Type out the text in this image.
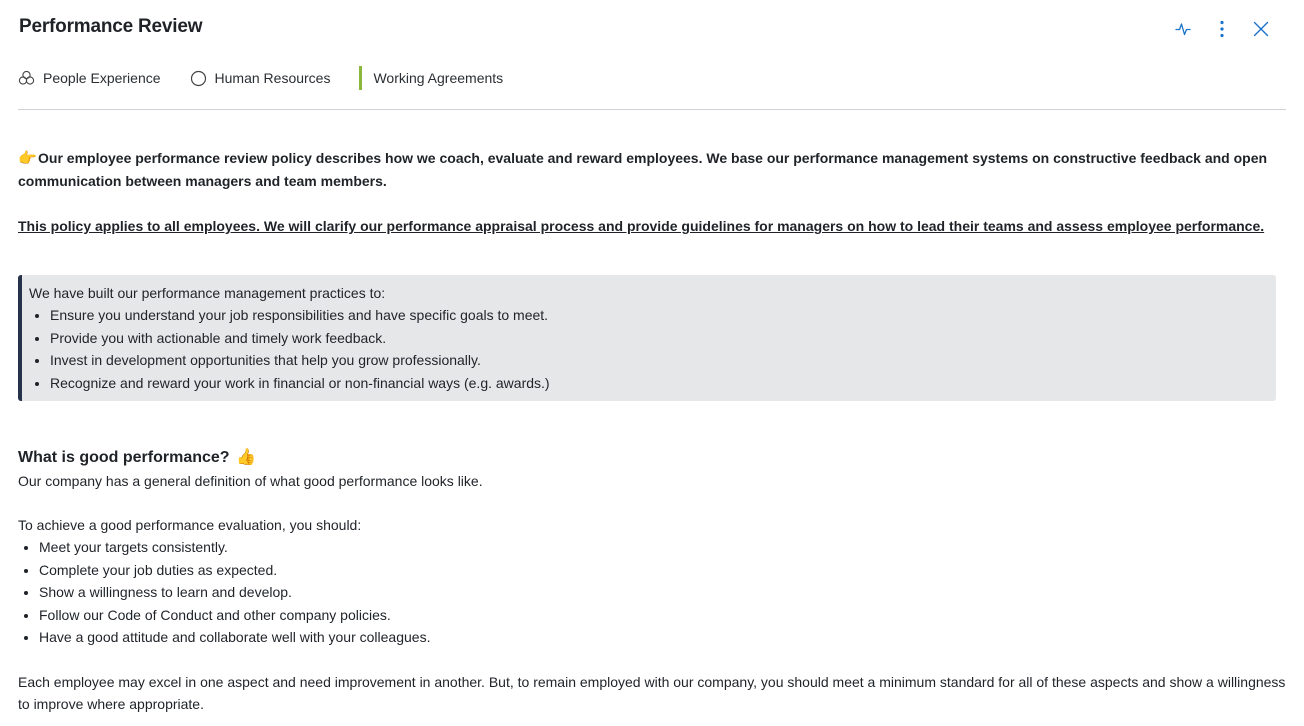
Performance Review
People Experience	Human Resources	Working Agreements

👉Our employee performance review policy describes how we coach, evaluate and reward employees. We base our performance management systems on constructive feedback and open communication between managers and team members.

This policy applies to all employees. We will clarify our performance appraisal process and provide guidelines for managers on how to lead their teams and assess employee performance.

We have built our performance management practices to:

• Ensure you understand your job responsibilities and have specific goals to meet.
• Provide you with actionable and timely work feedback.
• Invest in development opportunities that help you grow professionally.
• Recognize and reward your work in financial or non-financial ways (e.g. awards.)
What is good performance? 👍

Our company has a general definition of what good performance looks like.

To achieve a good performance evaluation, you should:

• Meet your targets consistently.
• Complete your job duties as expected.
• Show a willingness to learn and develop.
• Follow our Code of Conduct and other company policies.
• Have a good attitude and collaborate well with your colleagues.

Each employee may excel in one aspect and need improvement in another. But, to remain employed with our company, you should meet a minimum standard for all of these aspects and show a willingness to improve where appropriate.
